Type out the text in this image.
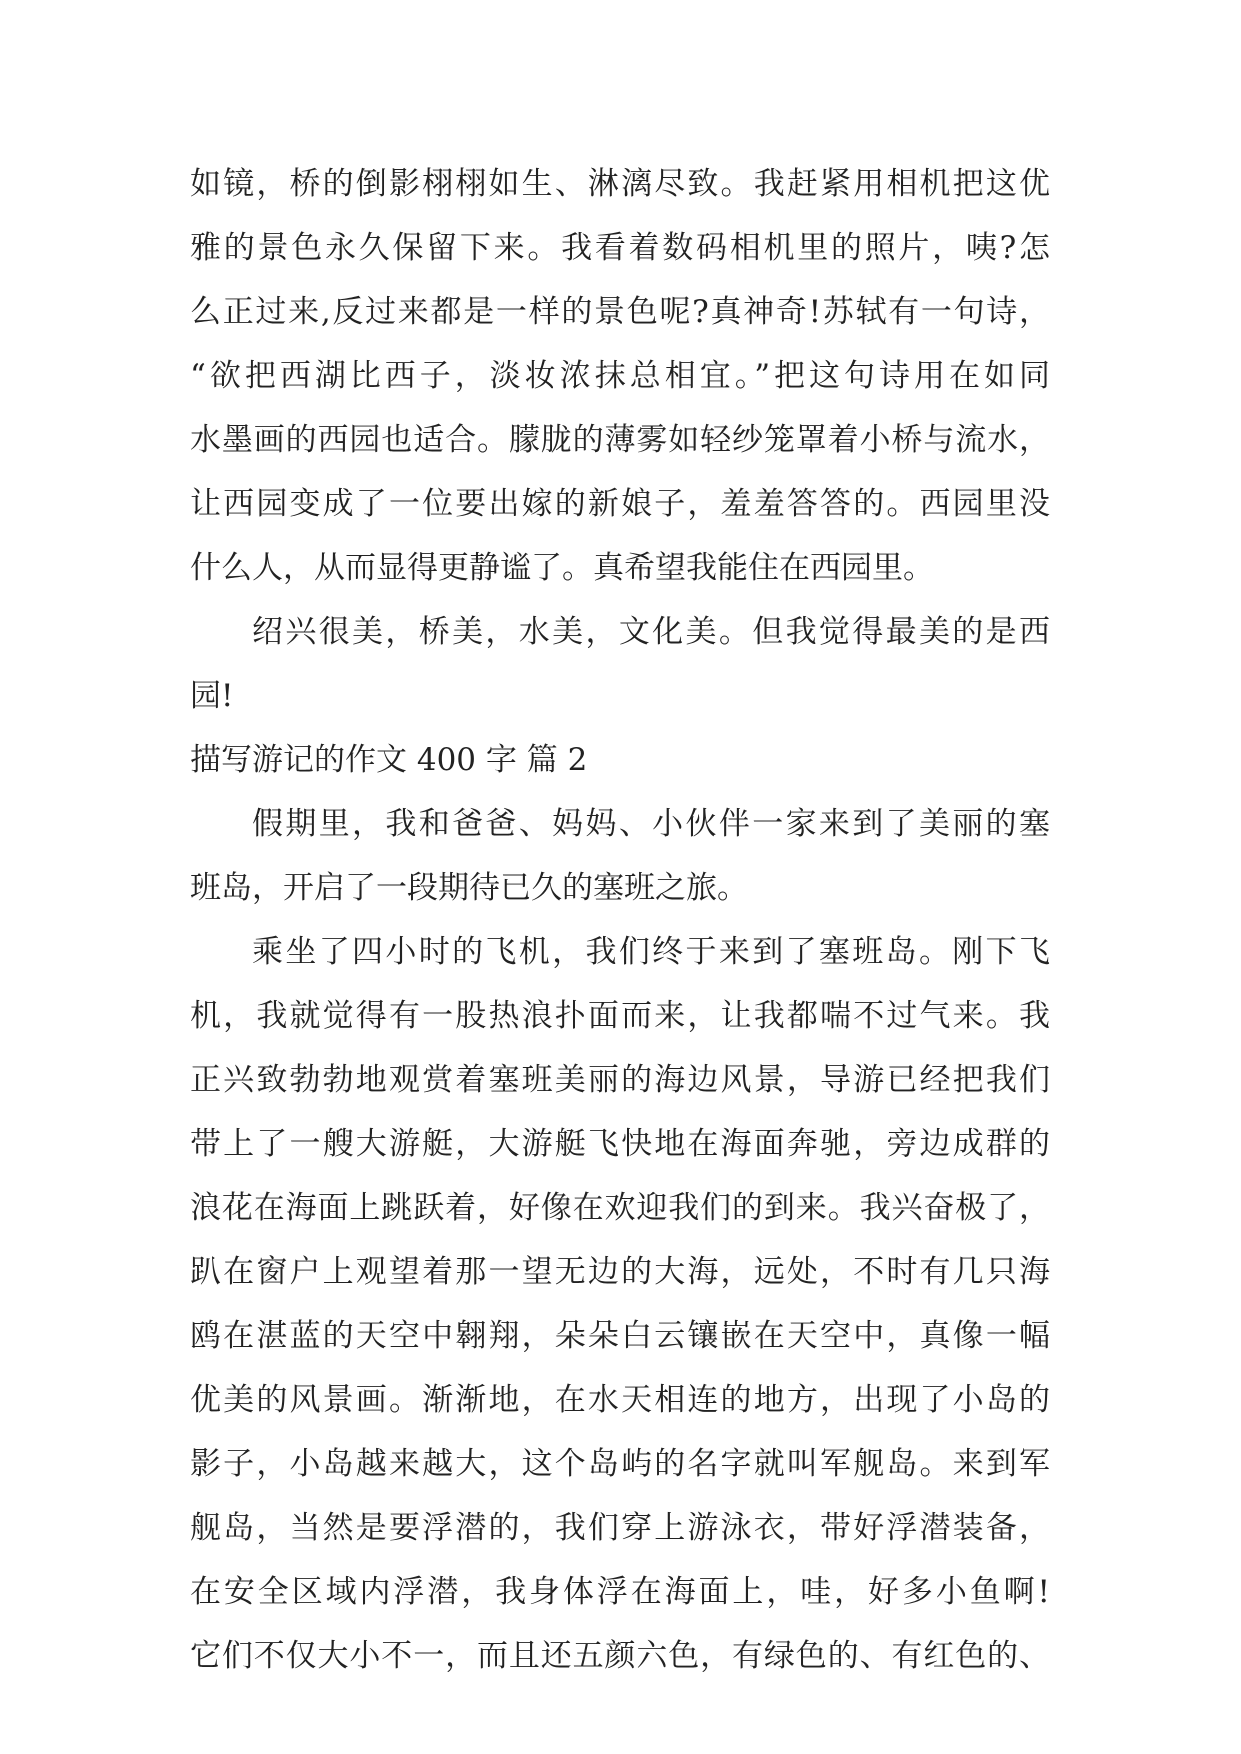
如镜，桥的倒影栩栩如生、淋漓尽致。我赶紧用相机把这优
雅的景色永久保留下来。我看着数码相机里的照片，咦?怎
么正过来,反过来都是一样的景色呢?真神奇!苏轼有一句诗，
“欲把西湖比西子，淡妆浓抹总相宜。”把这句诗用在如同
水墨画的西园也适合。朦胧的薄雾如轻纱笼罩着小桥与流水，
让西园变成了一位要出嫁的新娘子，羞羞答答的。西园里没
什么人，从而显得更静谧了。真希望我能住在西园里。
绍兴很美，桥美，水美，文化美。但我觉得最美的是西
园!
描写游记的作文 400 字 篇 2
假期里，我和爸爸、妈妈、小伙伴一家来到了美丽的塞
班岛，开启了一段期待已久的塞班之旅。
乘坐了四小时的飞机，我们终于来到了塞班岛。刚下飞
机，我就觉得有一股热浪扑面而来，让我都喘不过气来。我
正兴致勃勃地观赏着塞班美丽的海边风景，导游已经把我们
带上了一艘大游艇，大游艇飞快地在海面奔驰，旁边成群的
浪花在海面上跳跃着，好像在欢迎我们的到来。我兴奋极了，
趴在窗户上观望着那一望无边的大海，远处，不时有几只海
鸥在湛蓝的天空中翱翔，朵朵白云镶嵌在天空中，真像一幅
优美的风景画。渐渐地，在水天相连的地方，出现了小岛的
影子，小岛越来越大，这个岛屿的名字就叫军舰岛。来到军
舰岛，当然是要浮潜的，我们穿上游泳衣，带好浮潜装备，
在安全区域内浮潜，我身体浮在海面上，哇，好多小鱼啊!
它们不仅大小不一，而且还五颜六色，有绿色的、有红色的、
